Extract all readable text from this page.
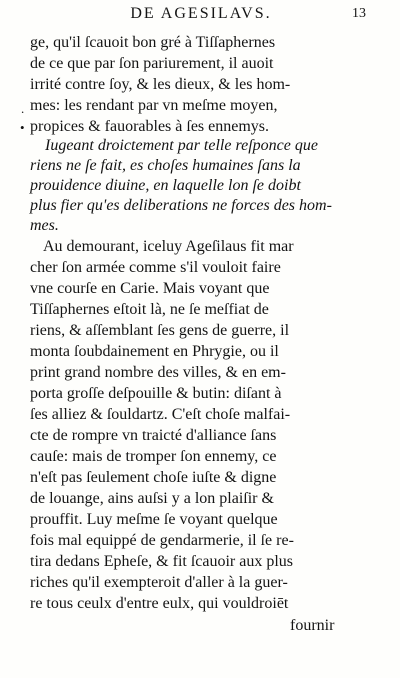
DE AGESILAVS.	13
.
•
ge, qu'il ſcauoit bon gré à Tiſſaphernes
de ce que par ſon pariurement, il auoit
irrité contre ſoy, & les dieux, & les hom-
mes: les rendant par vn meſme moyen,
propices & fauorables à ſes ennemys.
Iugeant droictement par telle reſponce que
riens ne ſe fait, es choſes humaines ſans la
prouidence diuine, en laquelle lon ſe doibt
plus fier qu'es deliberations ne forces des hom-
mes.
Au demourant, iceluy Ageſilaus fit mar
cher ſon armée comme s'il vouloit faire
vne courſe en Carie. Mais voyant que
Tiſſaphernes eſtoit là, ne ſe meſfiat de
riens, & aſſemblant ſes gens de guerre, il
monta ſoubdainement en Phrygie, ou il
print grand nombre des villes, & en em-
porta groſſe deſpouille & butin: diſant à
ſes alliez & ſouldartz. C'eſt choſe malfai-
cte de rompre vn traicté d'alliance ſans
cauſe: mais de tromper ſon ennemy, ce
n'eſt pas ſeulement choſe iuſte & digne
de louange, ains auſsi y a lon plaiſir &
prouffit. Luy meſme ſe voyant quelque
fois mal equippé de gendarmerie, il ſe re-
tira dedans Epheſe, & fit ſcauoir aux plus
riches qu'il exempteroit d'aller à la guer-
re tous ceulx d'entre eulx, qui vouldroiēt
fournir
